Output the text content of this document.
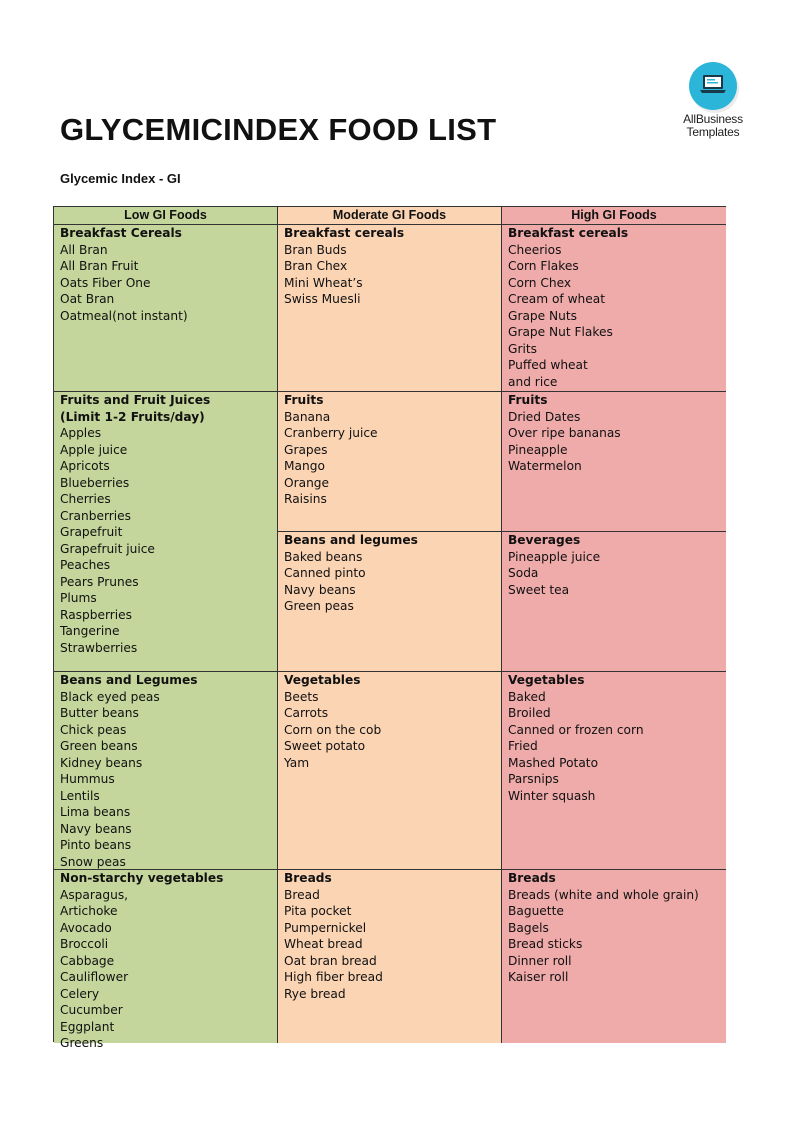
AllBusiness
Templates
GLYCEMICINDEX FOOD LIST
Glycemic Index - GI
Low GI Foods
Breakfast Cereals
All Bran
All Bran Fruit
Oats Fiber One
Oat Bran
Oatmeal(not instant)
Fruits and Fruit Juices
(Limit 1-2 Fruits/day)
Apples
Apple juice
Apricots
Blueberries
Cherries
Cranberries
Grapefruit
Grapefruit juice
Peaches
Pears Prunes
Plums
Raspberries
Tangerine
Strawberries
Beans and Legumes
Black eyed peas
Butter beans
Chick peas
Green beans
Kidney beans
Hummus
Lentils
Lima beans
Navy beans
Pinto beans
Snow peas
Non-starchy vegetables
Asparagus,
Artichoke
Avocado
Broccoli
Cabbage
Cauliflower
Celery
Cucumber
Eggplant
Greens
Moderate GI Foods
Breakfast cereals
Bran Buds
Bran Chex
Mini Wheat’s
Swiss Muesli
Fruits
Banana
Cranberry juice
Grapes
Mango
Orange
Raisins
Beans and legumes
Baked beans
Canned pinto
Navy beans
Green peas
Vegetables
Beets
Carrots
Corn on the cob
Sweet potato
Yam
Breads
Bread
Pita pocket
Pumpernickel
Wheat bread
Oat bran bread
High fiber bread
Rye bread
High GI Foods
Breakfast cereals
Cheerios
Corn Flakes
Corn Chex
Cream of wheat
Grape Nuts
Grape Nut Flakes
Grits
Puffed wheat
and rice
Fruits
Dried Dates
Over ripe bananas
Pineapple
Watermelon
Beverages
Pineapple juice
Soda
Sweet tea
Vegetables
Baked
Broiled
Canned or frozen corn
Fried
Mashed Potato
Parsnips
Winter squash
Breads
Breads (white and whole grain)
Baguette
Bagels
Bread sticks
Dinner roll
Kaiser roll
